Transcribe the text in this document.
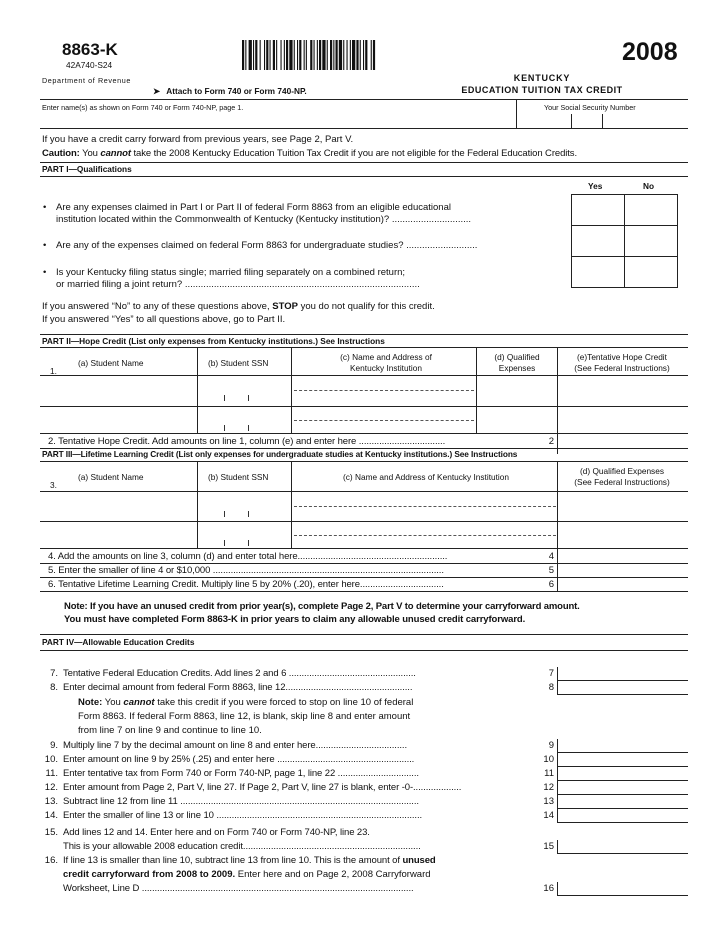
8863-K
42A740-S24
Department of Revenue
➤ Attach to Form 740 or Form 740-NP.
2008
KENTUCKY
EDUCATION TUITION TAX CREDIT
Enter name(s) as shown on Form 740 or Form 740-NP, page 1.	Your Social Security Number
If you have a credit carry forward from previous years, see Page 2, Part V.
Caution: You cannot take the 2008 Kentucky Education Tuition Tax Credit if you are not eligible for the Federal Education Credits.
PART I—Qualifications
Yes	No
• Are any expenses claimed in Part I or Part II of federal Form 8863 from an eligible educational
institution located within the Commonwealth of Kentucky (Kentucky institution)? ..............................
• Are any of the expenses claimed on federal Form 8863 for undergraduate studies? ...........................
• Is your Kentucky filing status single; married filing separately on a combined return;
or married filing a joint return? .........................................................................................
If you answered “No” to any of these questions above, STOP you do not qualify for this credit.
If you answered “Yes” to all questions above, go to Part II.
PART II—Hope Credit (List only expenses from Kentucky institutions.) See Instructions
1.
(a) Student Name	(b) Student SSN
(c) Name and Address of
Kentucky Institution
(d) Qualified
Expenses
(e)Tentative Hope Credit
(See Federal Instructions)
2. Tentative Hope Credit. Add amounts on line 1, column (e) and enter here ..................................	2
PART III—Lifetime Learning Credit (List only expenses for undergraduate studies at Kentucky institutions.) See Instructions
3.
(a) Student Name	(b) Student SSN	(c) Name and Address of Kentucky Institution
(d) Qualified Expenses
(See Federal Instructions)
4. Add the amounts on line 3, column (d) and enter total here...........................................................	4
5. Enter the smaller of line 4 or $10,000 ...........................................................................................	5
6. Tentative Lifetime Learning Credit. Multiply line 5 by 20% (.20), enter here.................................	6
Note: If you have an unused credit from prior year(s), complete Page 2, Part V to determine your carryforward amount.
You must have completed Form 8863-K in prior years to claim any allowable unused credit carryforward.
PART IV—Allowable Education Credits
7. Tentative Federal Education Credits. Add lines 2 and 6 ..................................................	7
8. Enter decimal amount from federal Form 8863, line 12..................................................	8
9. Multiply line 7 by the decimal amount on line 8 and enter here....................................	9
10. Enter amount on line 9 by 25% (.25) and enter here ......................................................	10
11. Enter tentative tax from Form 740 or Form 740-NP, page 1, line 22 ................................	11
12. Enter amount from Page 2, Part V, line 27. If Page 2, Part V, line 27 is blank, enter -0-...................	12
13. Subtract line 12 from line 11 ..............................................................................................	13
14. Enter the smaller of line 13 or line 10 .................................................................................	14
15. Add lines 12 and 14. Enter here and on Form 740 or Form 740-NP, line 23.
This is your allowable 2008 education credit......................................................................	15
Note: You cannot take this credit if you were forced to stop on line 10 of federal
Form 8863. If federal Form 8863, line 12, is blank, skip line 8 and enter amount
from line 7 on line 9 and continue to line 10.
16. If line 13 is smaller than line 10, subtract line 13 from line 10. This is the amount of unused
credit carryforward from 2008 to 2009. Enter here and on Page 2, 2008 Carryforward
Worksheet, Line D ...........................................................................................................	16
